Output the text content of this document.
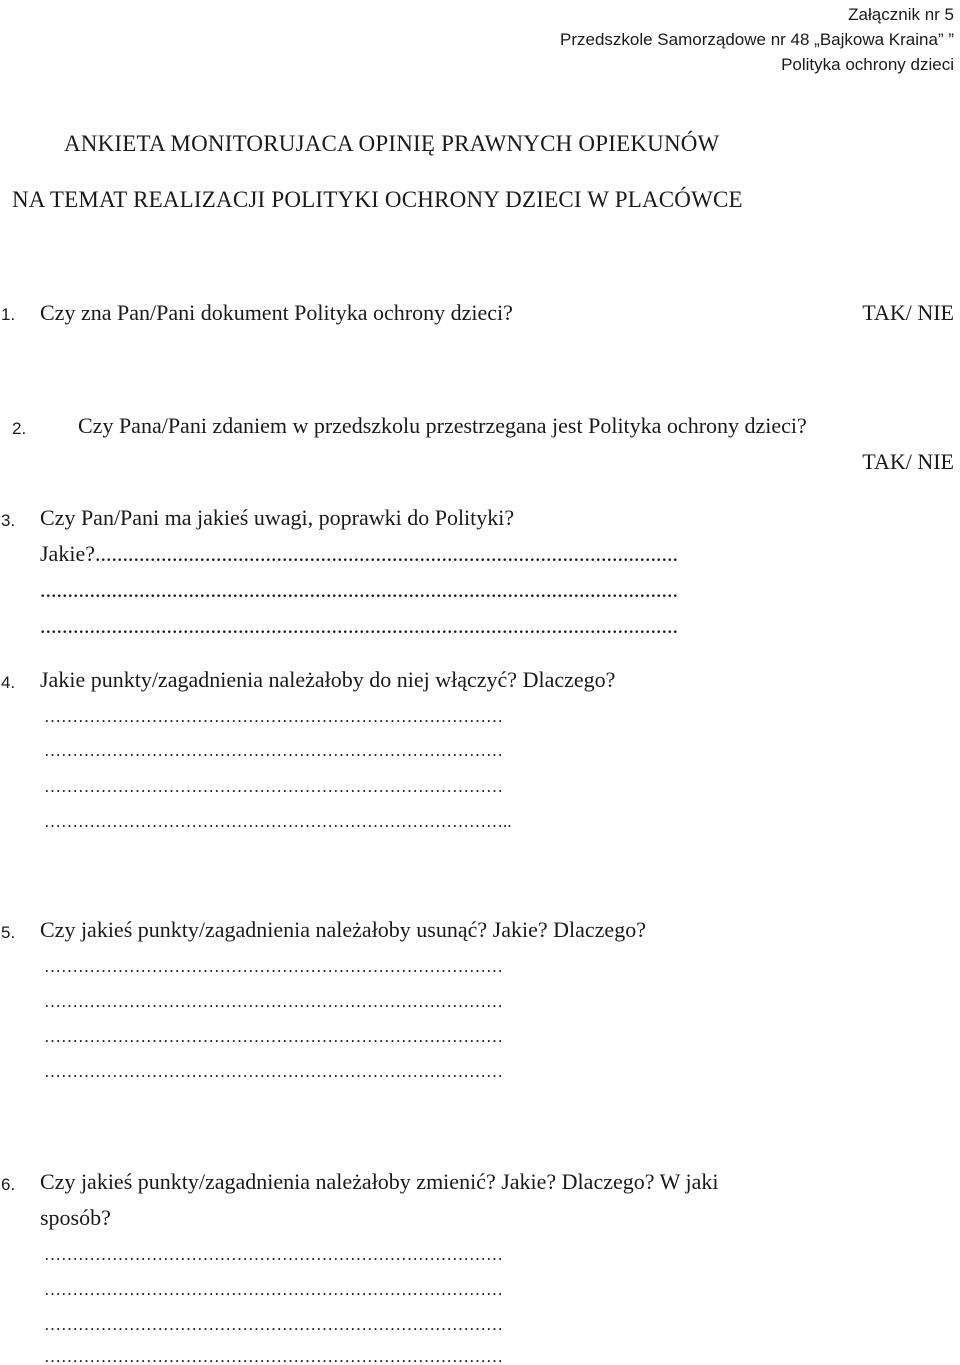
Załącznik nr 5
Przedszkole Samorządowe nr 48 „Bajkowa Kraina” ”
Polityka ochrony dzieci
ANKIETA MONITORUJACA OPINIĘ PRAWNYCH OPIEKUNÓW
NA TEMAT REALIZACJI POLITYKI OCHRONY DZIECI W PLACÓWCE
1. Czy zna Pan/Pani dokument Polityka ochrony dzieci?	TAK/ NIE
2. Czy Pana/Pani zdaniem w przedszkolu przestrzegana jest Polityka ochrony dzieci?
TAK/ NIE
3. Czy Pan/Pani ma jakieś uwagi, poprawki do Polityki?
Jakie?..........................................................................................................
....................................................................................................................
....................................................................................................................
4. Jakie punkty/zagadnienia należałoby do niej włączyć? Dlaczego?
………………………………………………………………………
………………………………………………………………………
………………………………………………………………………
………………………………………………………………………..
5. Czy jakieś punkty/zagadnienia należałoby usunąć? Jakie? Dlaczego?
………………………………………………………………………
………………………………………………………………………
………………………………………………………………………
………………………………………………………………………
6. Czy jakieś punkty/zagadnienia należałoby zmienić? Jakie? Dlaczego? W jaki
sposób?
………………………………………………………………………
………………………………………………………………………
………………………………………………………………………
………………………………………………………………………
